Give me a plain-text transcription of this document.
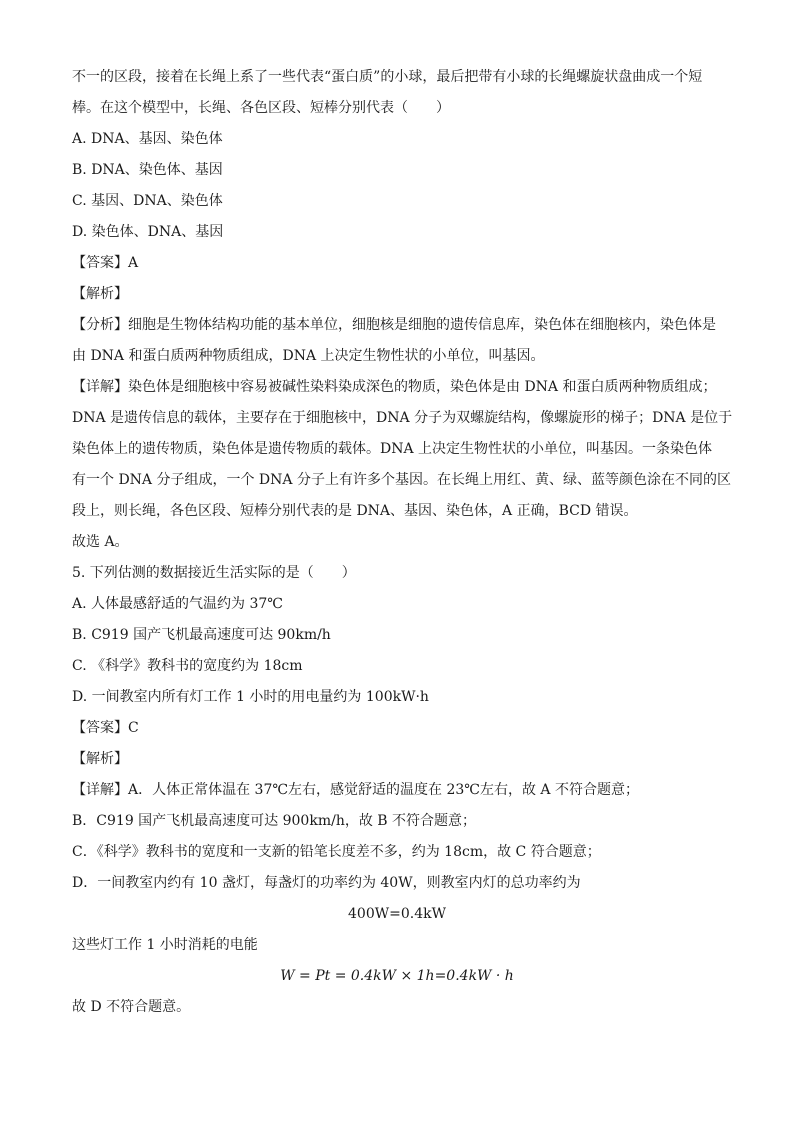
不一的区段，接着在长绳上系了一些代表“蛋白质”的小球，最后把带有小球的长绳螺旋状盘曲成一个短
棒。在这个模型中，长绳、各色区段、短棒分别代表（　　）
A. DNA、基因、染色体
B. DNA、染色体、基因
C. 基因、DNA、染色体
D. 染色体、DNA、基因
【答案】A
【解析】
【分析】细胞是生物体结构功能的基本单位，细胞核是细胞的遗传信息库，染色体在细胞核内，染色体是
由 DNA 和蛋白质两种物质组成，DNA 上决定生物性状的小单位，叫基因。
【详解】染色体是细胞核中容易被碱性染料染成深色的物质，染色体是由 DNA 和蛋白质两种物质组成；
DNA 是遗传信息的载体，主要存在于细胞核中，DNA 分子为双螺旋结构，像螺旋形的梯子；DNA 是位于
染色体上的遗传物质，染色体是遗传物质的载体。DNA 上决定生物性状的小单位，叫基因。一条染色体
有一个 DNA 分子组成，一个 DNA 分子上有许多个基因。在长绳上用红、黄、绿、蓝等颜色涂在不同的区
段上，则长绳，各色区段、短棒分别代表的是 DNA、基因、染色体，A 正确，BCD 错误。
故选 A。
5. 下列估测的数据接近生活实际的是（　　）
A. 人体最感舒适的气温约为 37℃
B. C919 国产飞机最高速度可达 90km/h
C. 《科学》教科书的宽度约为 18cm
D. 一间教室内所有灯工作 1 小时的用电量约为 100kW·h
【答案】C
【解析】
【详解】A．人体正常体温在 37℃左右，感觉舒适的温度在 23℃左右，故 A 不符合题意；
B．C919 国产飞机最高速度可达 900km/h，故 B 不符合题意；
C．《科学》教科书的宽度和一支新的铅笔长度差不多，约为 18cm，故 C 符合题意；
D．一间教室内约有 10 盏灯，每盏灯的功率约为 40W，则教室内灯的总功率约为
400W=0.4kW
这些灯工作 1 小时消耗的电能
W = Pt = 0.4kW × 1h=0.4kW · h
故 D 不符合题意。
